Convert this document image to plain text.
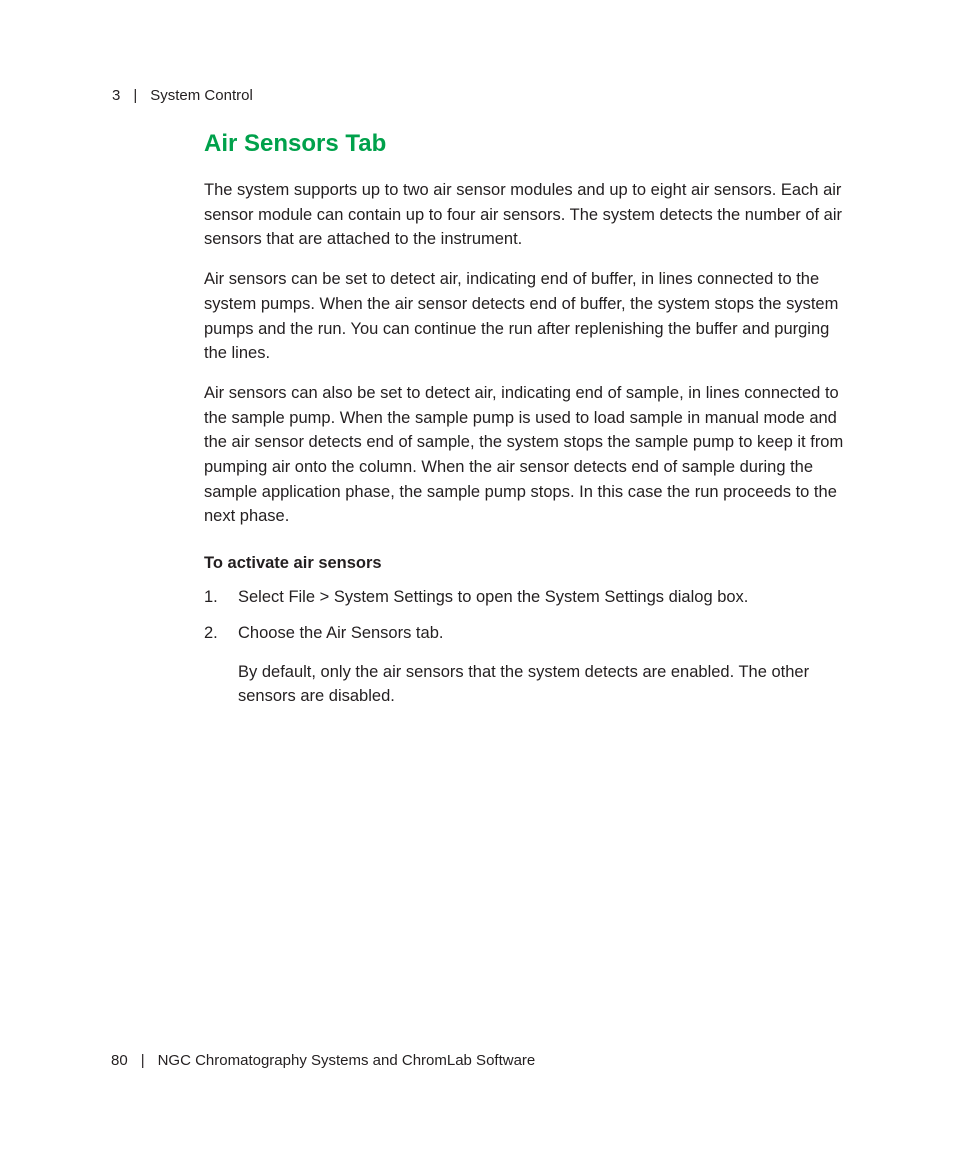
3 | System Control
Air Sensors Tab

The system supports up to two air sensor modules and up to eight air sensors. Each air sensor module can contain up to four air sensors. The system detects the number of air sensors that are attached to the instrument.

Air sensors can be set to detect air, indicating end of buffer, in lines connected to the system pumps. When the air sensor detects end of buffer, the system stops the system pumps and the run. You can continue the run after replenishing the buffer and purging the lines.

Air sensors can also be set to detect air, indicating end of sample, in lines connected to the sample pump. When the sample pump is used to load sample in manual mode and the air sensor detects end of sample, the system stops the sample pump to keep it from pumping air onto the column. When the air sensor detects end of sample during the sample application phase, the sample pump stops. In this case the run proceeds to the next phase.

To activate air sensors
1. Select File > System Settings to open the System Settings dialog box.
2. Choose the Air Sensors tab.

By default, only the air sensors that the system detects are enabled. The other sensors are disabled.

80 | NGC Chromatography Systems and ChromLab Software
